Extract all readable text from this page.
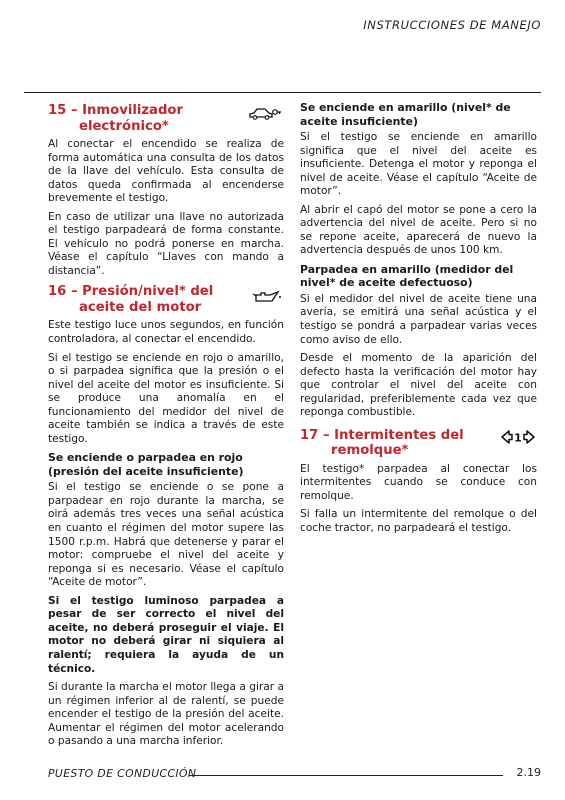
INSTRUCCIONES DE MANEJO
15 – Inmovilizador
electrónico*

Al conectar el encendido se realiza de forma automática una consulta de los datos de la llave del vehículo. Esta consulta de datos queda confirmada al encenderse brevemente el testigo.

En caso de utilizar una llave no autorizada el testigo parpadeará de forma constante. El vehículo no podrá ponerse en marcha. Véase el capítulo “Llaves con mando a distancia”.

16 – Presión/nivel* del
aceite del motor

Este testigo luce unos segundos, en función controladora, al conectar el encendido.

Si el testigo se enciende en rojo o amarillo, o si parpadea significa que la presión o el nivel del aceite del motor es insuficiente. Si se produce una anomalía en el funcionamiento del medidor del nivel de aceite también se indica a través de este testigo.

Se enciende o parpadea en rojo (presión del aceite insuficiente)

Si el testigo se enciende o se pone a parpadear en rojo durante la marcha, se oirá además tres veces una señal acústica en cuanto el régimen del motor supere las 1500 r.p.m. Habrá que detenerse y parar el motor: compruebe el nivel del aceite y reponga si es necesario. Véase el capítulo “Aceite de motor”.

Si el testigo luminoso parpadea a pesar de ser correcto el nivel del aceite, no deberá proseguir el viaje. El motor no deberá girar ni siquiera al ralentí; requiera la ayuda de un técnico.

Si durante la marcha el motor llega a girar a un régimen inferior al de ralentí, se puede encender el testigo de la presión del aceite. Aumentar el régimen del motor acelerando o pasando a una marcha inferior.

Se enciende en amarillo (nivel* de aceite insuficiente)

Si el testigo se enciende en amarillo significa que el nivel del aceite es insuficiente. Detenga el motor y reponga el nivel de aceite. Véase el capítulo “Aceite de motor”.

Al abrir el capó del motor se pone a cero la advertencia del nivel de aceite. Pero si no se repone aceite, aparecerá de nuevo la advertencia después de unos 100 km.

Parpadea en amarillo (medidor del nivel* de aceite defectuoso)

Si el medidor del nivel de aceite tiene una avería, se emitirá una señal acústica y el testigo se pondrá a parpadear varias veces como aviso de ello.

Desde el momento de la aparición del defecto hasta la verificación del motor hay que controlar el nivel del aceite con regularidad, preferiblemente cada vez que reponga combustible.

17 – Intermitentes del
remolque*
1

El testigo* parpadea al conectar los intermitentes cuando se conduce con remolque.

Si falla un intermitente del remolque o del coche tractor, no parpadeará el testigo.

PUESTO DE CONDUCCIÓN	2.19
